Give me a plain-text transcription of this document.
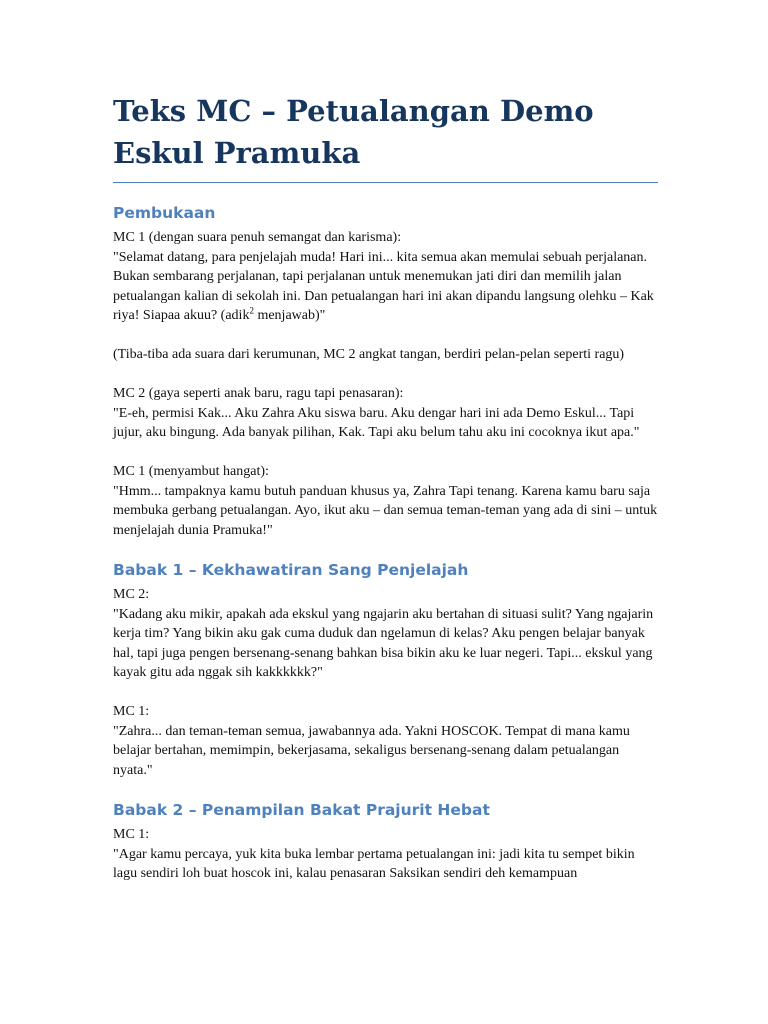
Teks MC – Petualangan Demo Eskul Pramuka
Pembukaan

MC 1 (dengan suara penuh semangat dan karisma):

"Selamat datang, para penjelajah muda! Hari ini... kita semua akan memulai sebuah perjalanan. Bukan sembarang perjalanan, tapi perjalanan untuk menemukan jati diri dan memilih jalan petualangan kalian di sekolah ini. Dan petualangan hari ini akan dipandu langsung olehku – Kak riya! Siapaa akuu? (adik$^2$ menjawab)"

(Tiba-tiba ada suara dari kerumunan, MC 2 angkat tangan, berdiri pelan-pelan seperti ragu)

MC 2 (gaya seperti anak baru, ragu tapi penasaran):

"E-eh, permisi Kak... Aku Zahra Aku siswa baru. Aku dengar hari ini ada Demo Eskul... Tapi jujur, aku bingung. Ada banyak pilihan, Kak. Tapi aku belum tahu aku ini cocoknya ikut apa."

MC 1 (menyambut hangat):

"Hmm... tampaknya kamu butuh panduan khusus ya, Zahra Tapi tenang. Karena kamu baru saja membuka gerbang petualangan. Ayo, ikut aku – dan semua teman-teman yang ada di sini – untuk menjelajah dunia Pramuka!"

Babak 1 – Kekhawatiran Sang Penjelajah

MC 2:

"Kadang aku mikir, apakah ada ekskul yang ngajarin aku bertahan di situasi sulit? Yang ngajarin kerja tim? Yang bikin aku gak cuma duduk dan ngelamun di kelas? Aku pengen belajar banyak hal, tapi juga pengen bersenang-senang bahkan bisa bikin aku ke luar negeri. Tapi... ekskul yang kayak gitu ada nggak sih kakkkkkk?"

MC 1:

"Zahra... dan teman-teman semua, jawabannya ada. Yakni HOSCOK. Tempat di mana kamu belajar bertahan, memimpin, bekerjasama, sekaligus bersenang-senang dalam petualangan nyata."

Babak 2 – Penampilan Bakat Prajurit Hebat

MC 1:

"Agar kamu percaya, yuk kita buka lembar pertama petualangan ini: jadi kita tu sempet bikin lagu sendiri loh buat hoscok ini, kalau penasaran Saksikan sendiri deh kemampuan
